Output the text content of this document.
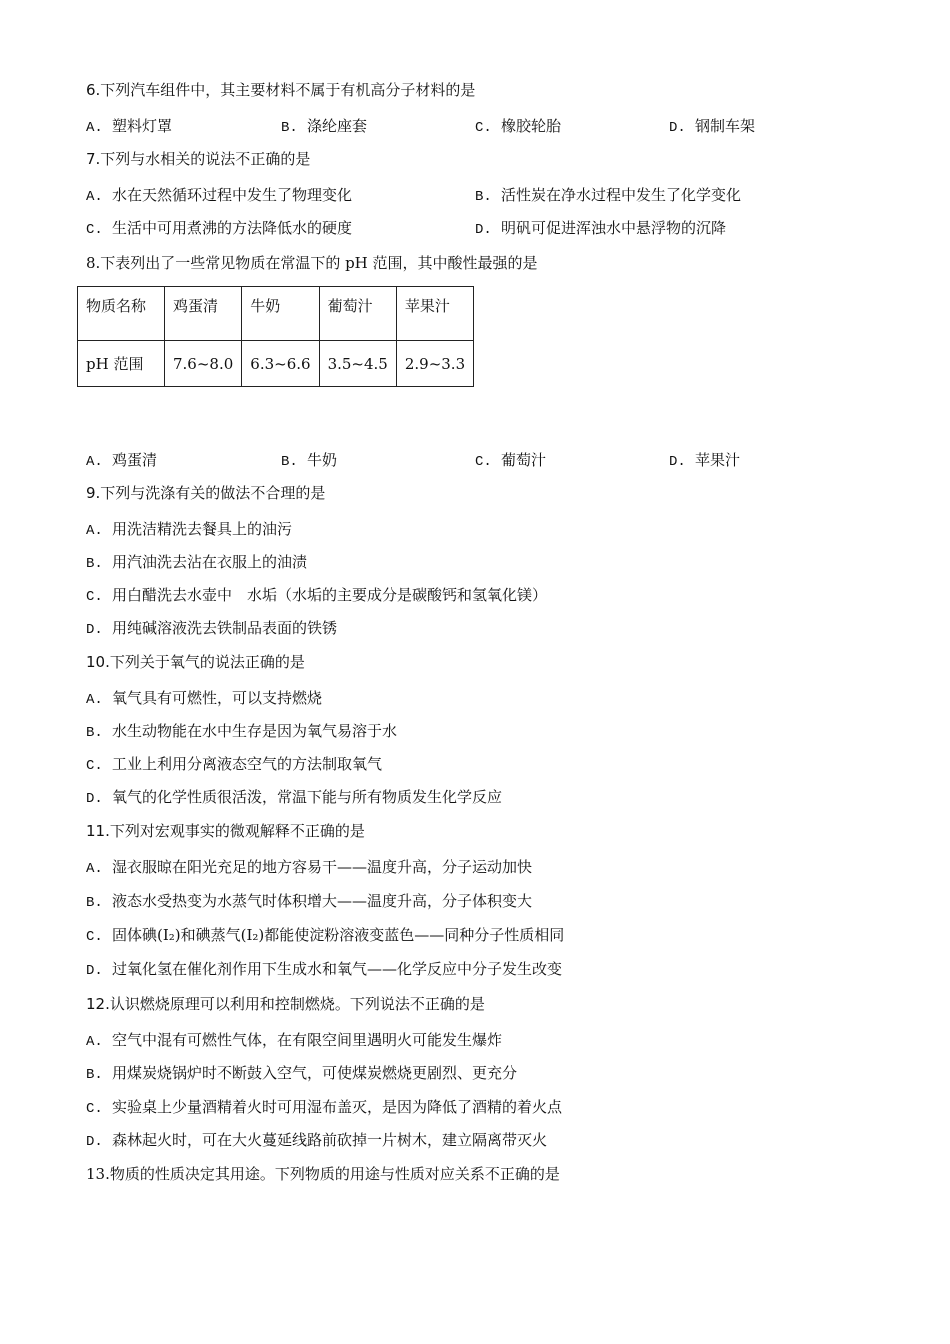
6.下列汽车组件中，其主要材料不属于有机高分子材料的是
A. 塑料灯罩	B. 涤纶座套	C. 橡胶轮胎	D. 钢制车架
7.下列与水相关的说法不正确的是
A. 水在天然循环过程中发生了物理变化	B. 活性炭在净水过程中发生了化学变化
C. 生活中可用煮沸的方法降低水的硬度	D. 明矾可促进浑浊水中悬浮物的沉降
8.下表列出了一些常见物质在常温下的 pH 范围，其中酸性最强的是
物质名称	鸡蛋清	牛奶	葡萄汁	苹果汁
pH 范围	7.6~8.0	6.3~6.6	3.5~4.5	2.9~3.3
A. 鸡蛋清	B. 牛奶	C. 葡萄汁	D. 苹果汁
9.下列与洗涤有关的做法不合理的是
A. 用洗洁精洗去餐具上的油污
B. 用汽油洗去沾在衣服上的油渍
C. 用白醋洗去水壶中　水垢（水垢的主要成分是碳酸钙和氢氧化镁）
D. 用纯碱溶液洗去铁制品表面的铁锈
10.下列关于氧气的说法正确的是
A. 氧气具有可燃性，可以支持燃烧
B. 水生动物能在水中生存是因为氧气易溶于水
C. 工业上利用分离液态空气的方法制取氧气
D. 氧气的化学性质很活泼，常温下能与所有物质发生化学反应
11.下列对宏观事实的微观解释不正确的是
A. 湿衣服晾在阳光充足的地方容易干——温度升高，分子运动加快
B. 液态水受热变为水蒸气时体积增大——温度升高，分子体积变大
C. 固体碘(I₂)和碘蒸气(I₂)都能使淀粉溶液变蓝色——同种分子性质相同
D. 过氧化氢在催化剂作用下生成水和氧气——化学反应中分子发生改变
12.认识燃烧原理可以利用和控制燃烧。下列说法不正确的是
A. 空气中混有可燃性气体，在有限空间里遇明火可能发生爆炸
B. 用煤炭烧锅炉时不断鼓入空气，可使煤炭燃烧更剧烈、更充分
C. 实验桌上少量酒精着火时可用湿布盖灭，是因为降低了酒精的着火点
D. 森林起火时，可在大火蔓延线路前砍掉一片树木，建立隔离带灭火
13.物质的性质决定其用途。下列物质的用途与性质对应关系不正确的是
